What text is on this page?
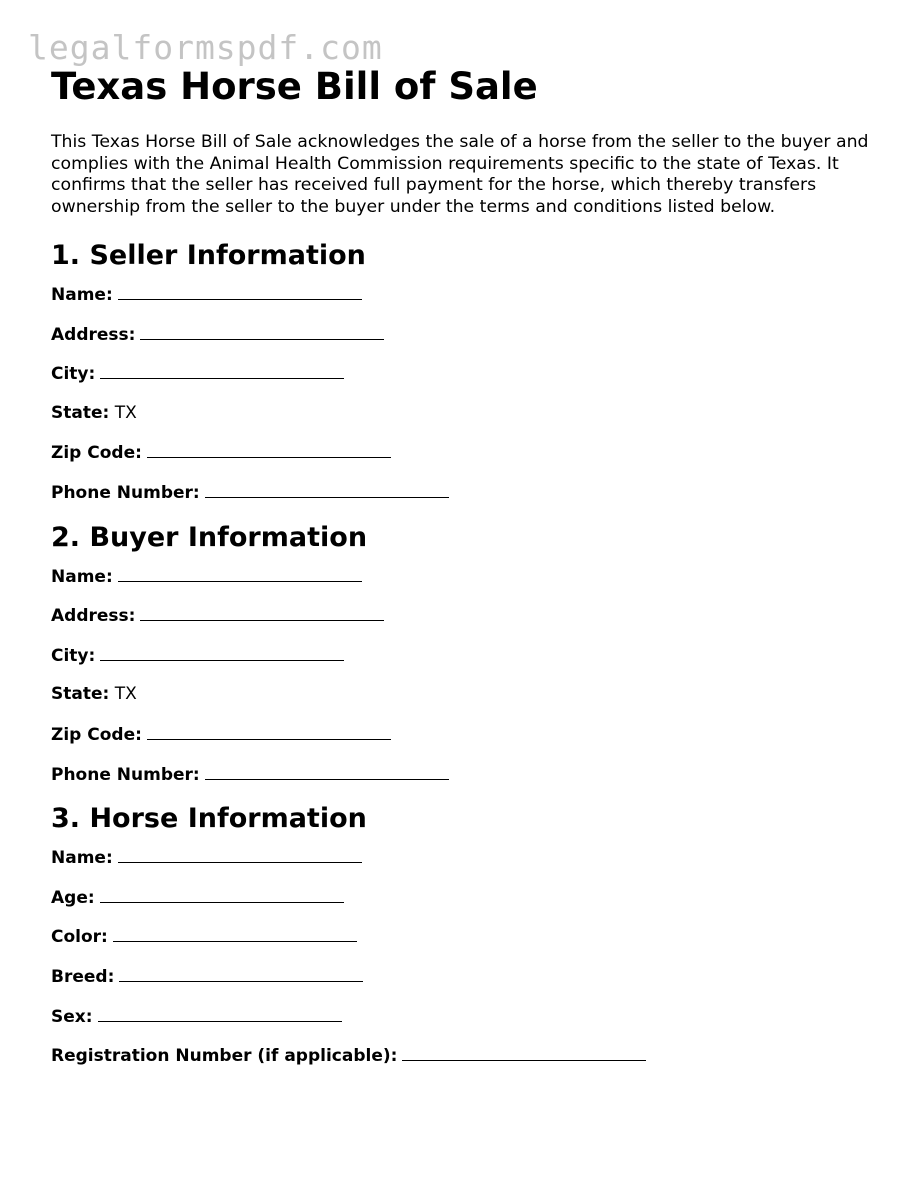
legalformspdf.com
Texas Horse Bill of Sale

This Texas Horse Bill of Sale acknowledges the sale of a horse from the seller to the buyer and complies with the Animal Health Commission requirements specific to the state of Texas. It confirms that the seller has received full payment for the horse, which thereby transfers ownership from the seller to the buyer under the terms and conditions listed below.

1. Seller Information
Name:
Address:
City:
State: TX
Zip Code:
Phone Number:
2. Buyer Information
Name:
Address:
City:
State: TX
Zip Code:
Phone Number:
3. Horse Information
Name:
Age:
Color:
Breed:
Sex:
Registration Number (if applicable):
